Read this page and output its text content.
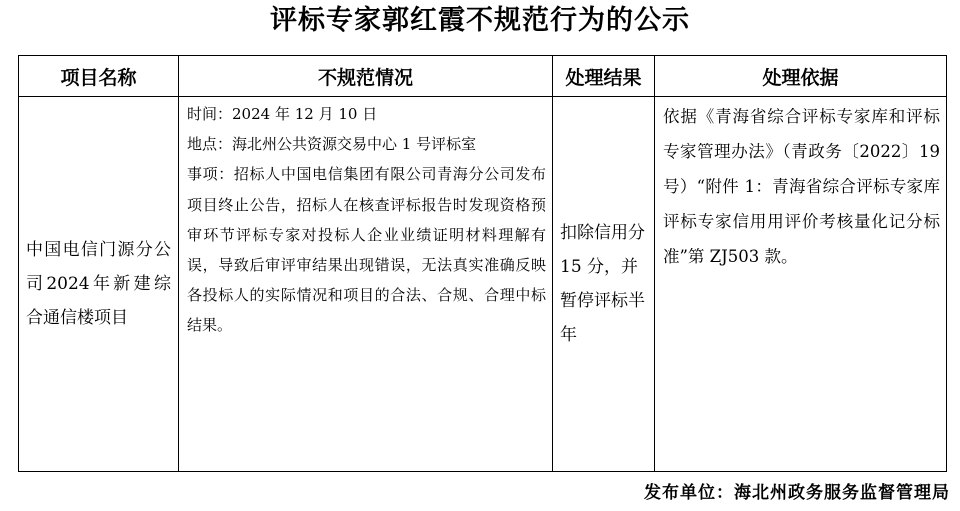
评标专家郭红霞不规范行为的公示
项目名称	不规范情况	处理结果	处理依据
中国电信门源分公司2024年新建综合通信楼项目	时间：2024 年 12 月 10 日
地点：海北州公共资源交易中心 1 号评标室
事项：招标人中国电信集团有限公司青海分公司发布项目终止公告，招标人在核查评标报告时发现资格预审环节评标专家对投标人企业业绩证明材料理解有误，导致后审评审结果出现错误，无法真实准确反映各投标人的实际情况和项目的合法、合规、合理中标结果。	扣除信用分 15 分，并暂停评标半年	依据《青海省综合评标专家库和评标专家管理办法》（青政务〔2022〕19 号）“附件 1：青海省综合评标专家库评标专家信用用评价考核量化记分标准”第 ZJ503 款。
发布单位：海北州政务服务监督管理局
